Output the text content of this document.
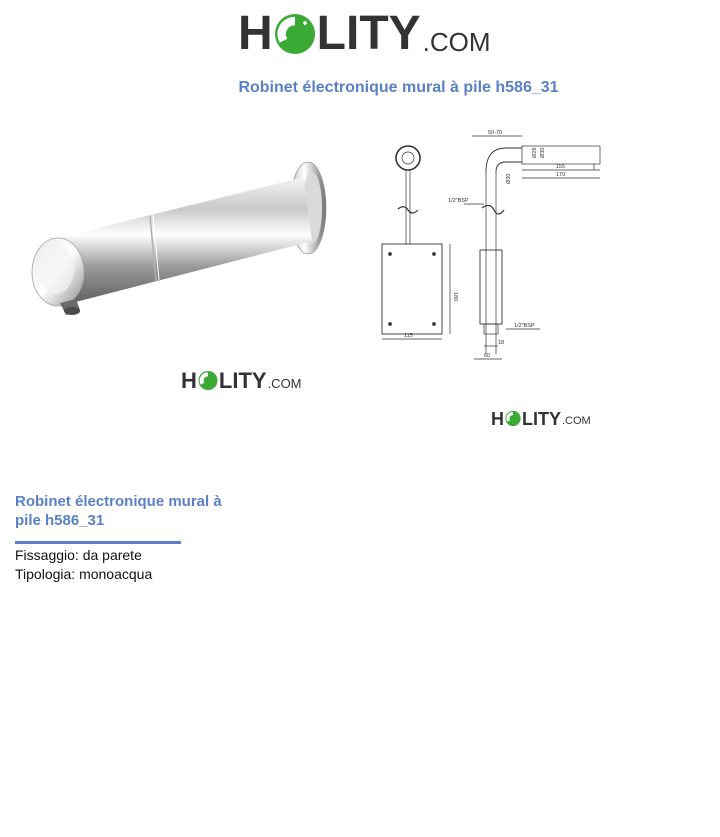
H LITY .COM
Robinet électronique mural à pile h586_31
H LITY .COM
50-70
Ø28 Ø30
155
170
Ø30
1/2"BSP
180
115
1/2"BSP
18
60
H LITY .COM
Robinet électronique mural à pile h586_31
Fissaggio: da parete
Tipologia: monoacqua
